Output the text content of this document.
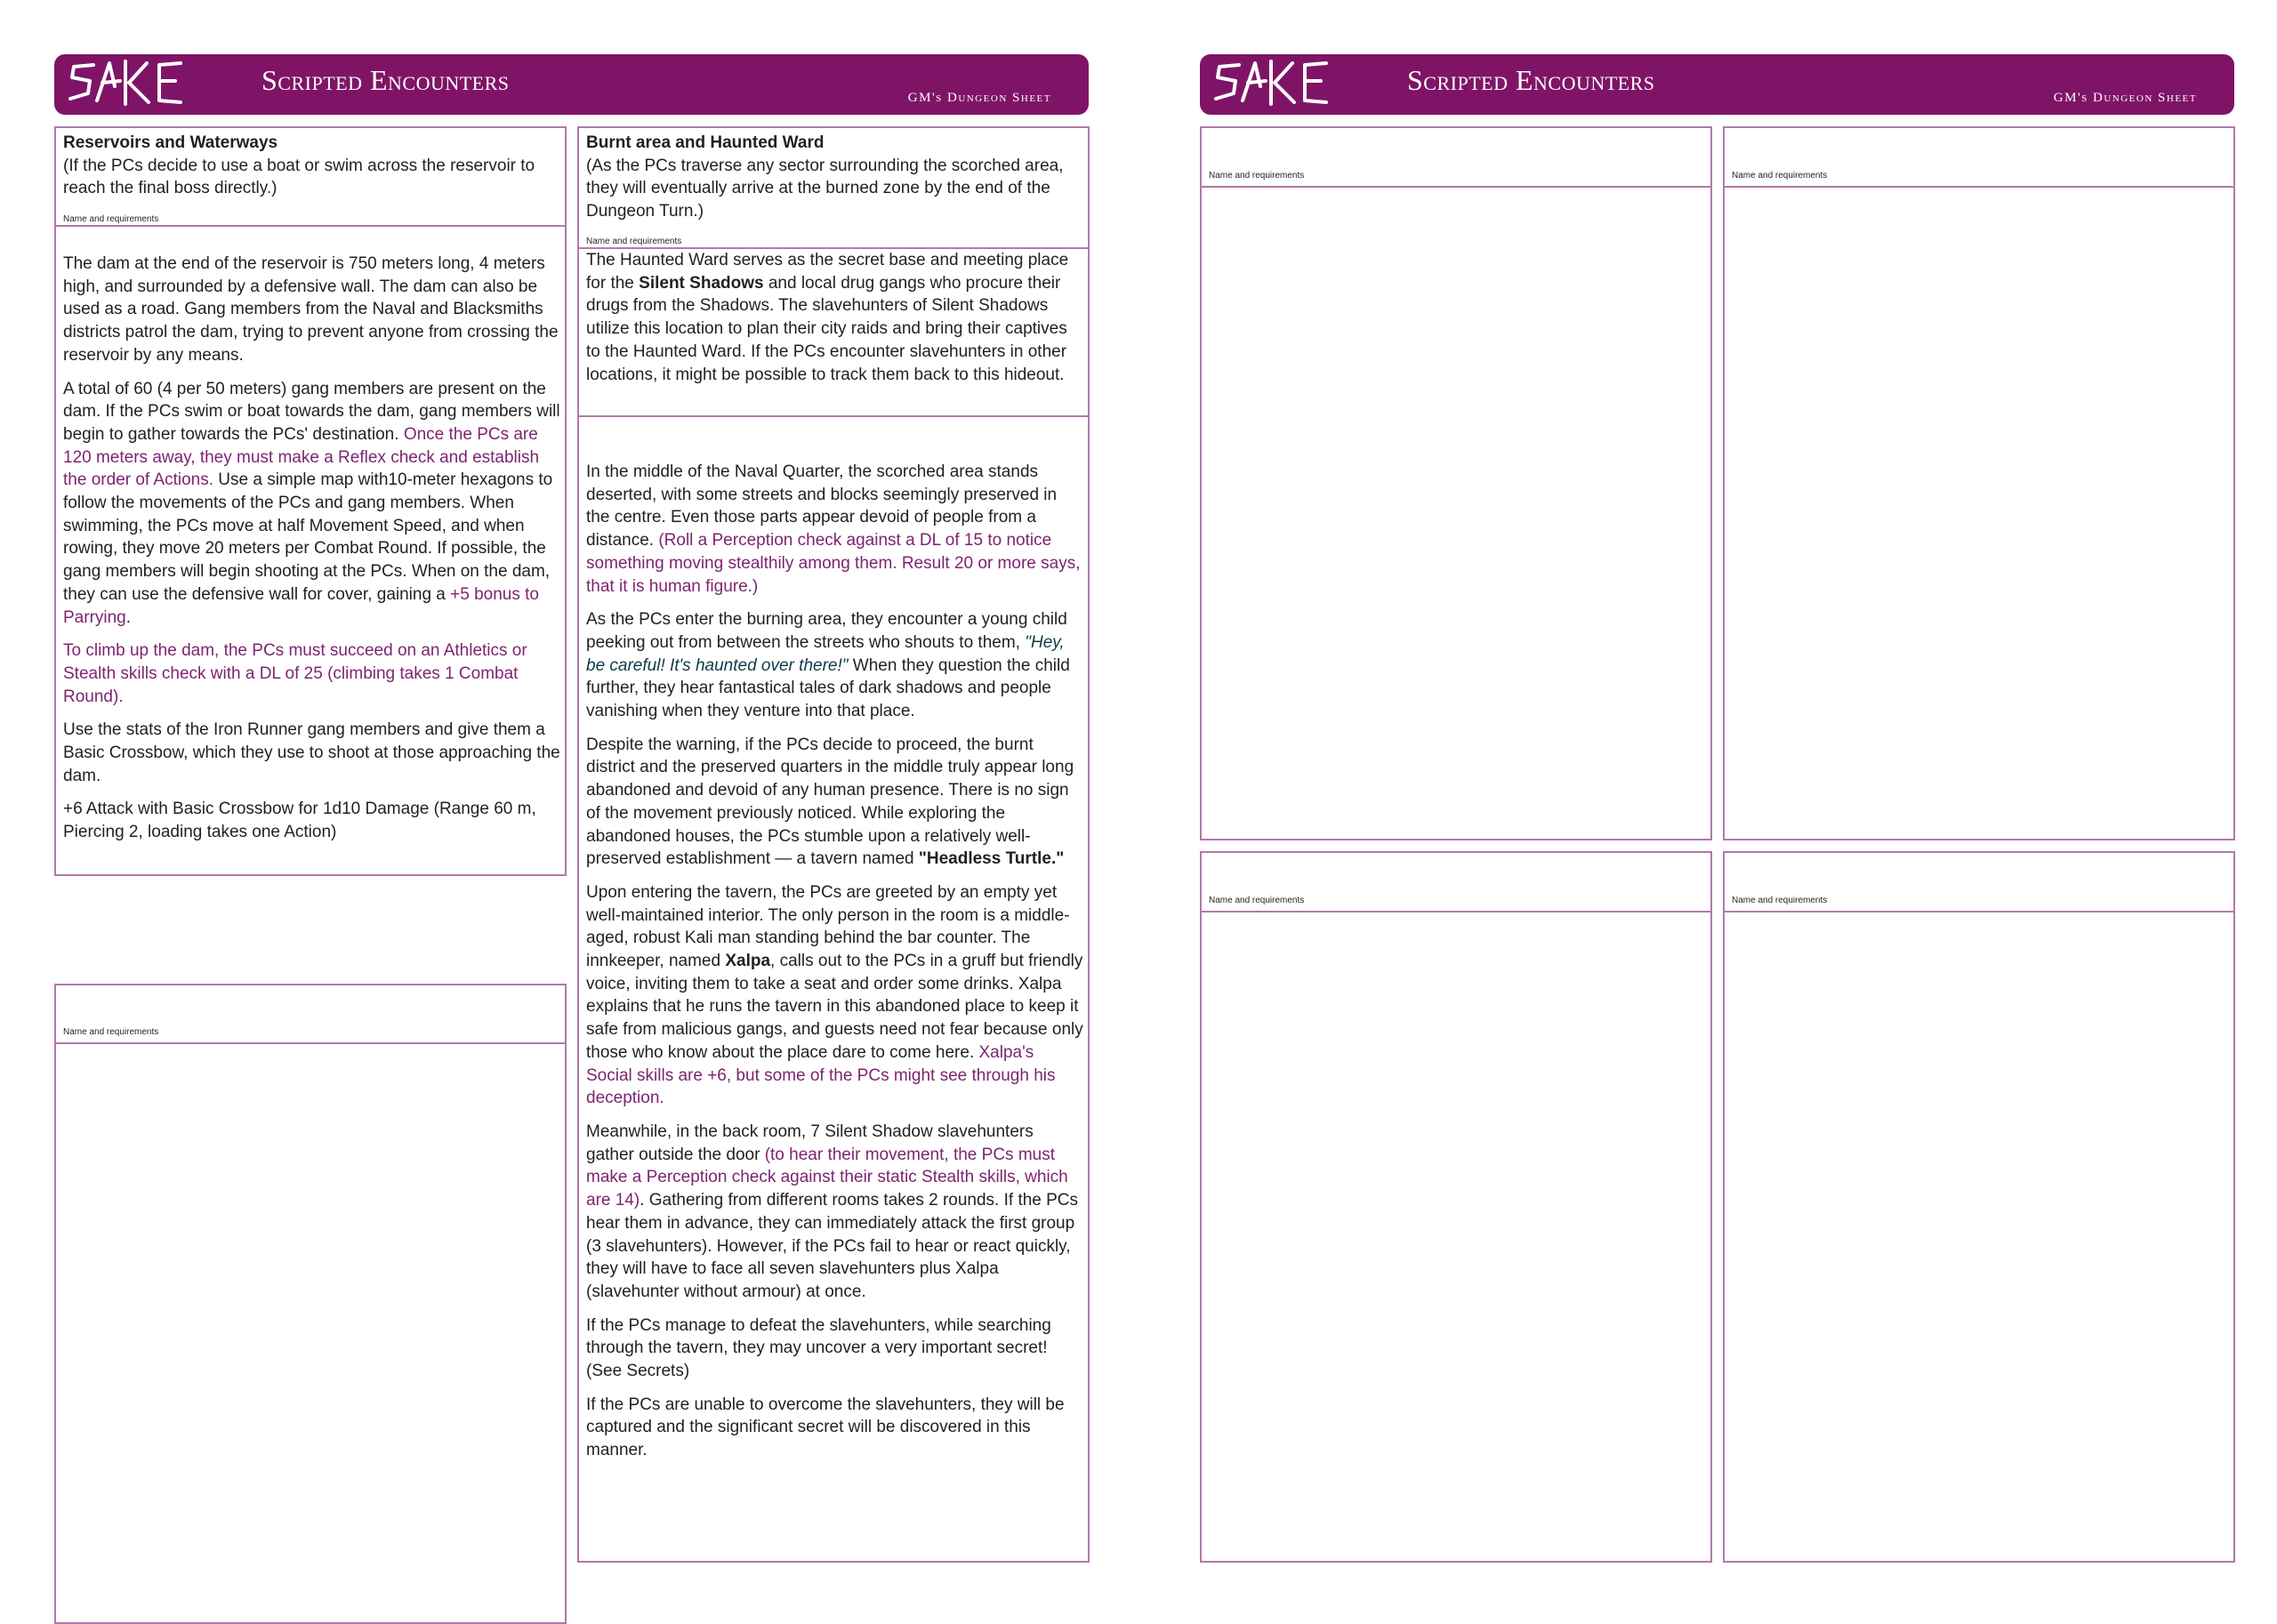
Scripted Encounters
GM's Dungeon Sheet
Scripted Encounters
GM's Dungeon Sheet
Reservoirs and Waterways
(If the PCs decide to use a boat or swim across the reservoir to reach the final boss directly.)
Name and requirements

The dam at the end of the reservoir is 750 meters long, 4 meters high, and surrounded by a defensive wall. The dam can also be used as a road. Gang members from the Naval and Blacksmiths districts patrol the dam, trying to prevent anyone from crossing the reservoir by any means.

A total of 60 (4 per 50 meters) gang members are present on the dam. If the PCs swim or boat towards the dam, gang members will begin to gather towards the PCs' destination. Once the PCs are 120 meters away, they must make a Reflex check and establish the order of Actions. Use a simple map with10-meter hexagons to follow the movements of the PCs and gang members. When swimming, the PCs move at half Movement Speed, and when rowing, they move 20 meters per Combat Round. If possible, the gang members will begin shooting at the PCs. When on the dam, they can use the defensive wall for cover, gaining a +5 bonus to Parrying.

To climb up the dam, the PCs must succeed on an Athletics or Stealth skills check with a DL of 25 (climbing takes 1 Combat Round).

Use the stats of the Iron Runner gang members and give them a Basic Crossbow, which they use to shoot at those approaching the dam.

+6 Attack with Basic Crossbow for 1d10 Damage (Range 60 m, Piercing 2, loading takes one Action)

Name and requirements
Burnt area and Haunted Ward
(As the PCs traverse any sector surrounding the scorched area, they will eventually arrive at the burned zone by the end of the Dungeon Turn.)
Name and requirements

The Haunted Ward serves as the secret base and meeting place for the Silent Shadows and local drug gangs who procure their drugs from the Shadows. The slavehunters of Silent Shadows utilize this location to plan their city raids and bring their captives to the Haunted Ward. If the PCs encounter slavehunters in other locations, it might be possible to track them back to this hideout.

In the middle of the Naval Quarter, the scorched area stands deserted, with some streets and blocks seemingly preserved in the centre. Even those parts appear devoid of people from a distance. (Roll a Perception check against a DL of 15 to notice something moving stealthily among them. Result 20 or more says, that it is human figure.)

As the PCs enter the burning area, they encounter a young child peeking out from between the streets who shouts to them, "Hey, be careful! It's haunted over there!" When they question the child further, they hear fantastical tales of dark shadows and people vanishing when they venture into that place.

Despite the warning, if the PCs decide to proceed, the burnt district and the preserved quarters in the middle truly appear long abandoned and devoid of any human presence. There is no sign of the movement previously noticed. While exploring the abandoned houses, the PCs stumble upon a relatively well-preserved establishment — a tavern named "Headless Turtle."

Upon entering the tavern, the PCs are greeted by an empty yet well-maintained interior. The only person in the room is a middle-aged, robust Kali man standing behind the bar counter. The innkeeper, named Xalpa, calls out to the PCs in a gruff but friendly voice, inviting them to take a seat and order some drinks. Xalpa explains that he runs the tavern in this abandoned place to keep it safe from malicious gangs, and guests need not fear because only those who know about the place dare to come here. Xalpa's Social skills are +6, but some of the PCs might see through his deception.

Meanwhile, in the back room, 7 Silent Shadow slavehunters gather outside the door (to hear their movement, the PCs must make a Perception check against their static Stealth skills, which are 14). Gathering from different rooms takes 2 rounds. If the PCs hear them in advance, they can immediately attack the first group (3 slavehunters). However, if the PCs fail to hear or react quickly, they will have to face all seven slavehunters plus Xalpa (slavehunter without armour) at once.

If the PCs manage to defeat the slavehunters, while searching through the tavern, they may uncover a very important secret! (See Secrets)

If the PCs are unable to overcome the slavehunters, they will be captured and the significant secret will be discovered in this manner.

Name and requirements	Name and requirements
Name and requirements	Name and requirements
